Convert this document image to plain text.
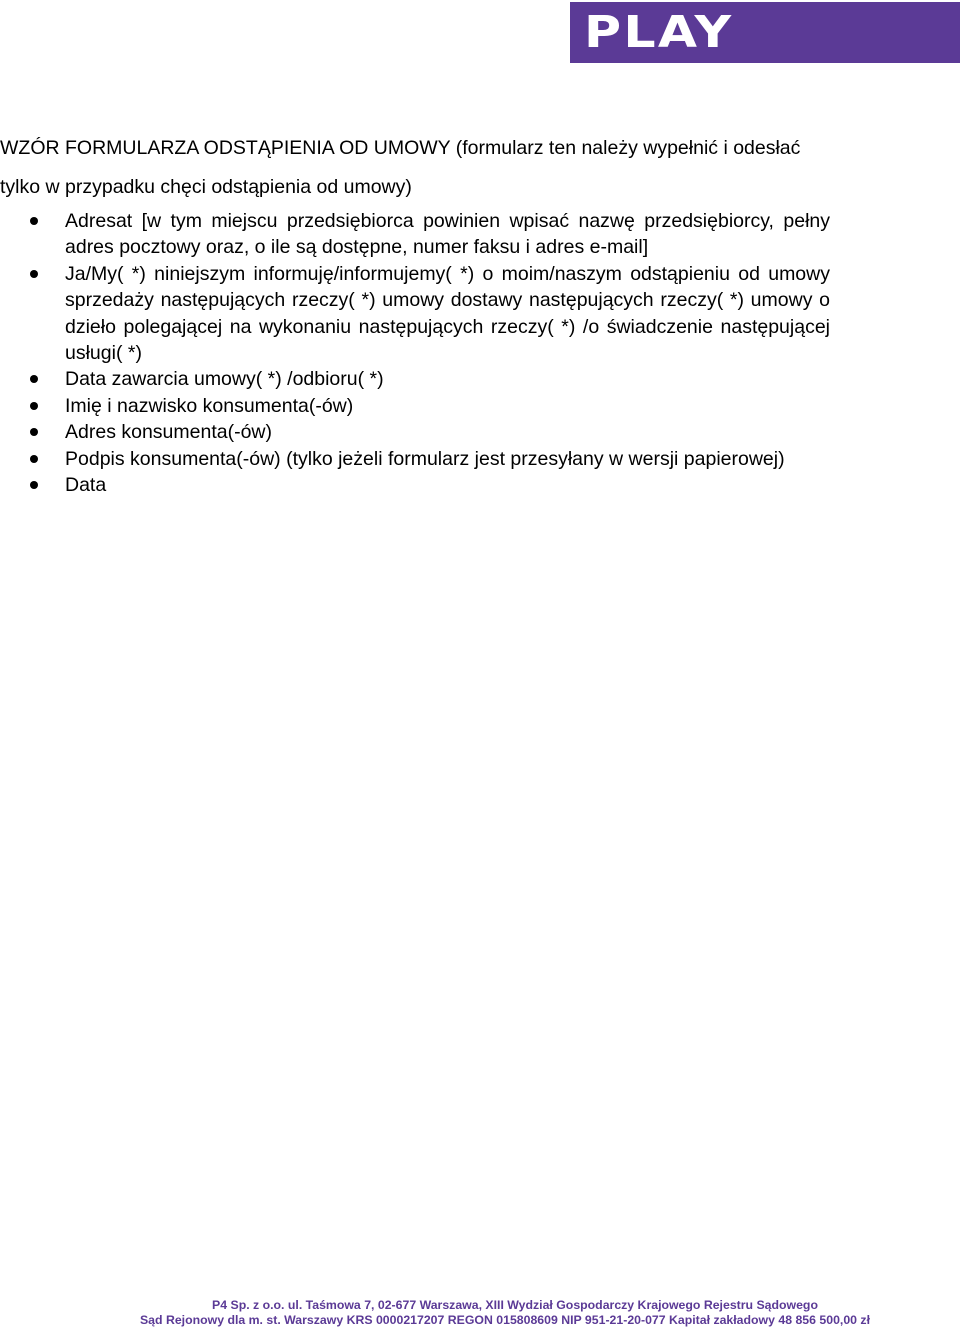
PLAY
WZÓR FORMULARZA ODSTĄPIENIA OD UMOWY (formularz ten należy wypełnić i odesłać tylko w przypadku chęci odstąpienia od umowy)
Adresat [w tym miejscu przedsiębiorca powinien wpisać nazwę przedsiębiorcy, pełny adres pocztowy oraz, o ile są dostępne, numer faksu i adres e-mail]
Ja/My( *) niniejszym informuję/informujemy( *) o moim/naszym odstąpieniu od umowy sprzedaży następujących rzeczy( *) umowy dostawy następujących rzeczy( *) umowy o dzieło polegającej na wykonaniu następujących rzeczy( *) /o świadczenie następującej usługi( *)
Data zawarcia umowy( *) /odbioru( *)
Imię i nazwisko konsumenta(-ów)
Adres konsumenta(-ów)
Podpis konsumenta(-ów) (tylko jeżeli formularz jest przesyłany w wersji papierowej)
Data
P4 Sp. z o.o. ul. Taśmowa 7, 02-677 Warszawa, XIII Wydział Gospodarczy Krajowego Rejestru Sądowego
Sąd Rejonowy dla m. st. Warszawy KRS 0000217207 REGON 015808609 NIP 951-21-20-077 Kapitał zakładowy 48 856 500,00 zł
